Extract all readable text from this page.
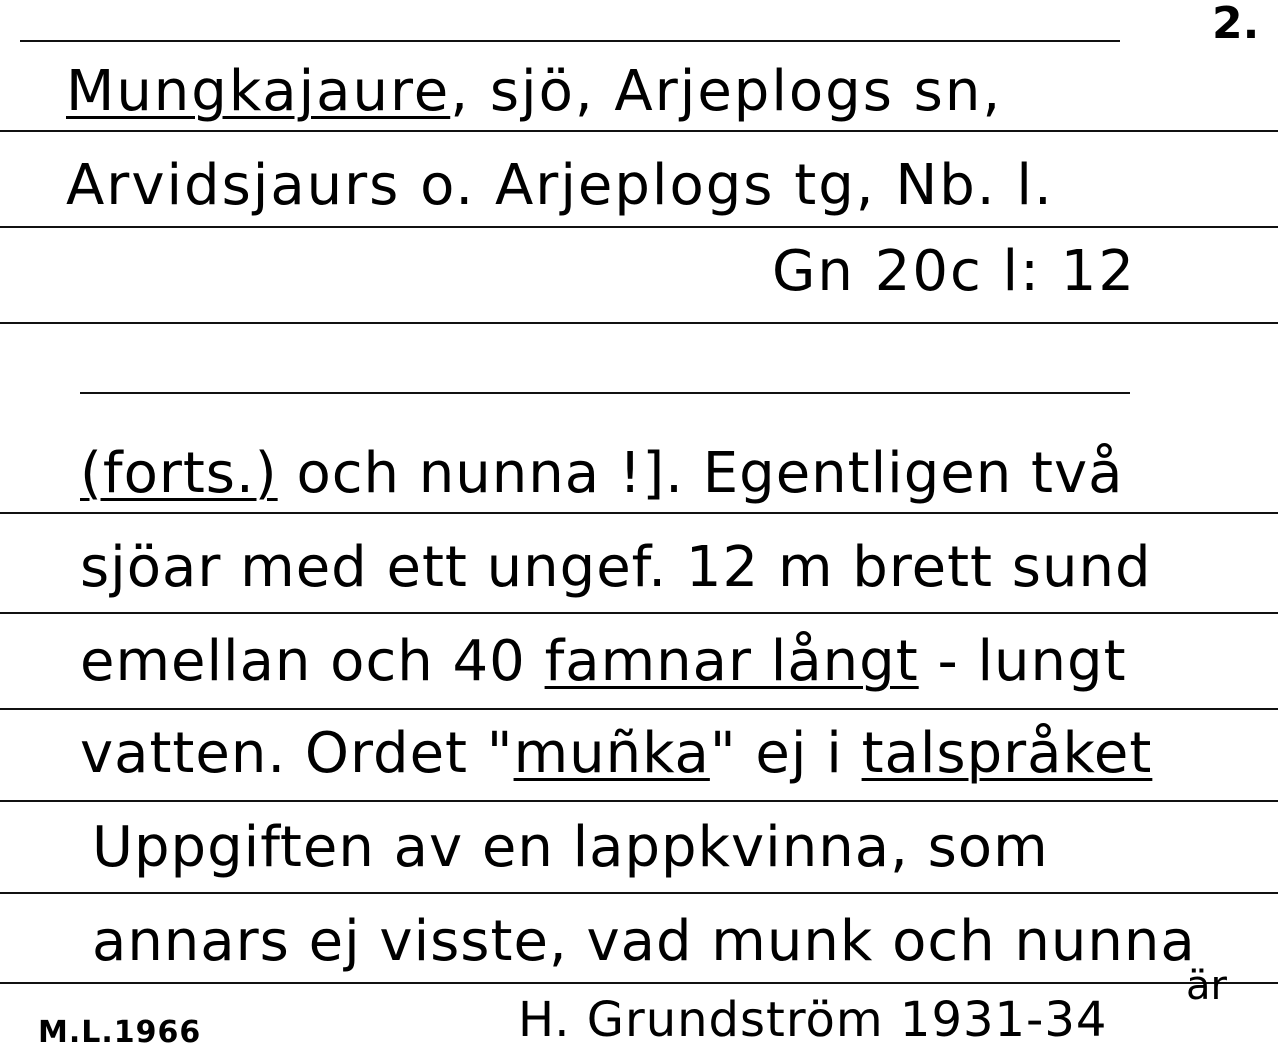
2.
Mungkajaure, sjö, Arjeplogs sn,
Arvidsjaurs o. Arjeplogs tg, Nb. l.
Gn 20c l: 12
(forts.) och nunna !]. Egentligen två
sjöar med ett ungef. 12 m brett sund
emellan och 40 famnar långt - lungt
vatten. Ordet "muñka" ej i talspråket
Uppgiften av en lappkvinna, som
annars ej visste, vad munk och nunna
M.L.1966	H. Grundström 1931-34
är
